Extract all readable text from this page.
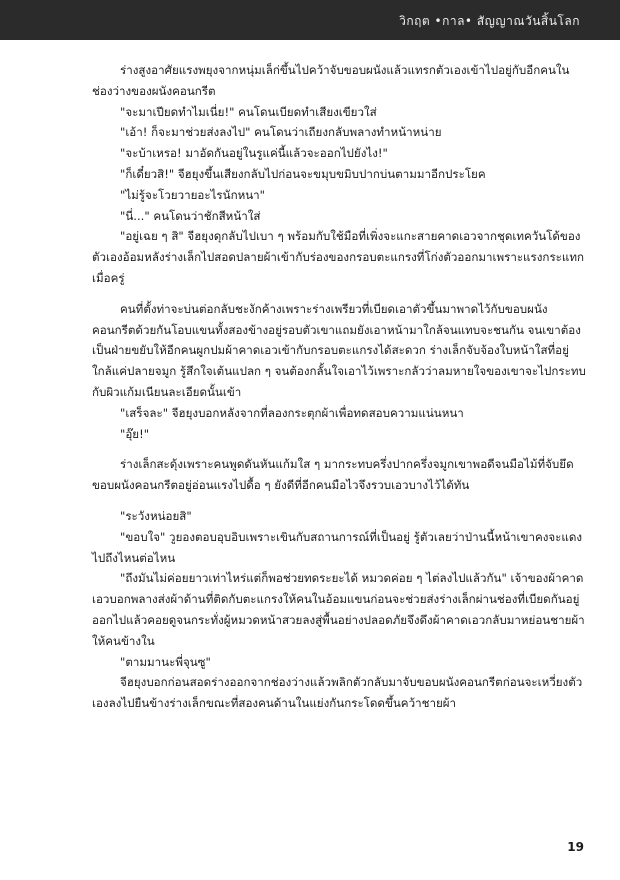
วิกฤต •กาล• สัญญาณวันสิ้นโลก

ร่างสูงอาศัยแรงพยุงจากหนุ่มเล็ก่ขึ้นไปคว้าจับขอบผนังแล้วแทรกตัวเองเข้าไปอยู่กับอีกคนในช่องว่างของผนังคอนกรีต

"จะมาเปียดทำไมเนี่ย!" คนโดนเบียดทำเสียงเขียวใส่

"เอ้า! ก็จะมาช่วยส่งลงไป" คนโดนว่าเถียงกลับพลางทำหน้าหน่าย

"จะบ้าเหรอ! มาอัดกันอยู่ในรูแค่นี้แล้วจะออกไปยังไง!"

"ก็เดี๋ยวสิ!" จีฮยุงขึ้นเสียงกลับไปก่อนจะขมุบขมิบปากบ่นตามมาอีกประโยค

"ไม่รู้จะโวยวายอะไรนักหนา"

"นี่..." คนโดนว่าชักสีหน้าใส่

"อยู่เฉย ๆ สิ" จีฮยุงดุกลับไปเบา ๆ พร้อมกับใช้มือที่เพิ่งจะแกะสายคาดเอวจากชุดเทควันโด้ของตัวเองอ้อมหลังร่างเล็กไปสอดปลายผ้าเข้ากับร่องของกรอบตะแกรงที่โก่งตัวออกมาเพราะแรงกระแทกเมื่อครู่

คนที่ตั้งท่าจะบ่นต่อกลับชะงักค้างเพราะร่างเพรียวที่เบียดเอาตัวขึ้นมาพาดไว้กับขอบผนังคอนกรีตด้วยกันโอบแขนทั้งสองข้างอยู่รอบตัวเขาแถมยังเอาหน้ามาใกล้จนแทบจะชนกัน จนเขาต้องเป็นฝ่ายขยับให้อีกคนผูกปมผ้าคาดเอวเข้ากับกรอบตะแกรงได้สะดวก ร่างเล็กจับจ้องใบหน้าใสที่อยู่ใกล้แค่ปลายจมูก รู้สึกใจเต้นแปลก ๆ จนต้องกลั้นใจเอาไว้เพราะกลัวว่าลมหายใจของเขาจะไปกระทบกับผิวแก้มเนียนละเอียดนั้นเข้า

"เสร็จละ" จีฮยุงบอกหลังจากที่ลองกระตุกผ้าเพื่อทดสอบความแน่นหนา

"อุ๊ย!"

ร่างเล็กสะดุ้งเพราะคนพูดดันหันแก้มใส ๆ มากระทบครึ่งปากครึ่งจมูกเขาพอดีจนมือไม้ที่จับยึดขอบผนังคอนกรีตอยู่อ่อนแรงไปดื้อ ๆ ยังดีที่อีกคนมือไวจึงรวบเอวบางไว้ได้ทัน

"ระวังหน่อยสิ"

"ขอบใจ" วูยองตอบอุบอิบเพราะเขินกับสถานการณ์ที่เป็นอยู่ รู้ตัวเลยว่าป่านนี้หน้าเขาคงจะแดงไปถึงไหนต่อไหน

"ถึงมันไม่ค่อยยาวเท่าไหร่แต่ก็พอช่วยทดระยะได้ หมวดค่อย ๆ ไต่ลงไปแล้วกัน" เจ้าของผ้าคาดเอวบอกพลางส่งผ้าด้านที่ติดกับตะแกรงให้คนในอ้อมแขนก่อนจะช่วยส่งร่างเล็กผ่านช่องที่เบียดกันอยู่ออกไปแล้วคอยดูจนกระทั่งผู้หมวดหน้าสวยลงสู่พื้นอย่างปลอดภัยจึงดึงผ้าคาดเอวกลับมาหย่อนชายผ้าให้คนข้างใน

"ตามมานะพี่จุนซู"

จีฮยุงบอกก่อนสอดร่างออกจากช่องว่างแล้วพลิกตัวกลับมาจับขอบผนังคอนกรีตก่อนจะเหวี่ยงตัวเองลงไปยืนข้างร่างเล็กขณะที่สองคนด้านในแย่งกันกระโดดขึ้นคว้าชายผ้า

19
